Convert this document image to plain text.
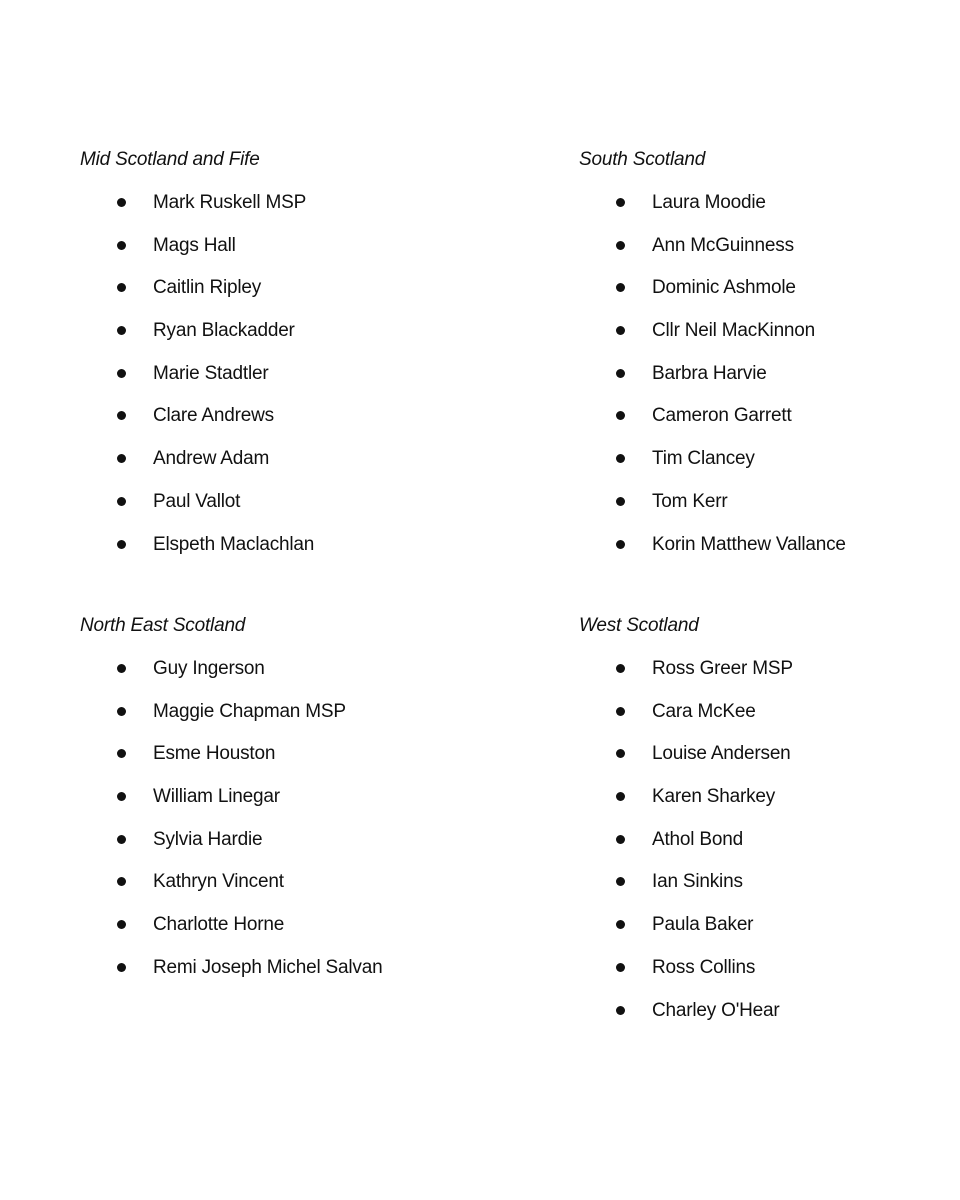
Mid Scotland and Fife
Mark Ruskell MSP
Mags Hall
Caitlin Ripley
Ryan Blackadder
Marie Stadtler
Clare Andrews
Andrew Adam
Paul Vallot
Elspeth Maclachlan
South Scotland
Laura Moodie
Ann McGuinness
Dominic Ashmole
Cllr Neil MacKinnon
Barbra Harvie
Cameron Garrett
Tim Clancey
Tom Kerr
Korin Matthew Vallance
North East Scotland
Guy Ingerson
Maggie Chapman MSP
Esme Houston
William Linegar
Sylvia Hardie
Kathryn Vincent
Charlotte Horne
Remi Joseph Michel Salvan
West Scotland
Ross Greer MSP
Cara McKee
Louise Andersen
Karen Sharkey
Athol Bond
Ian Sinkins
Paula Baker
Ross Collins
Charley O'Hear
